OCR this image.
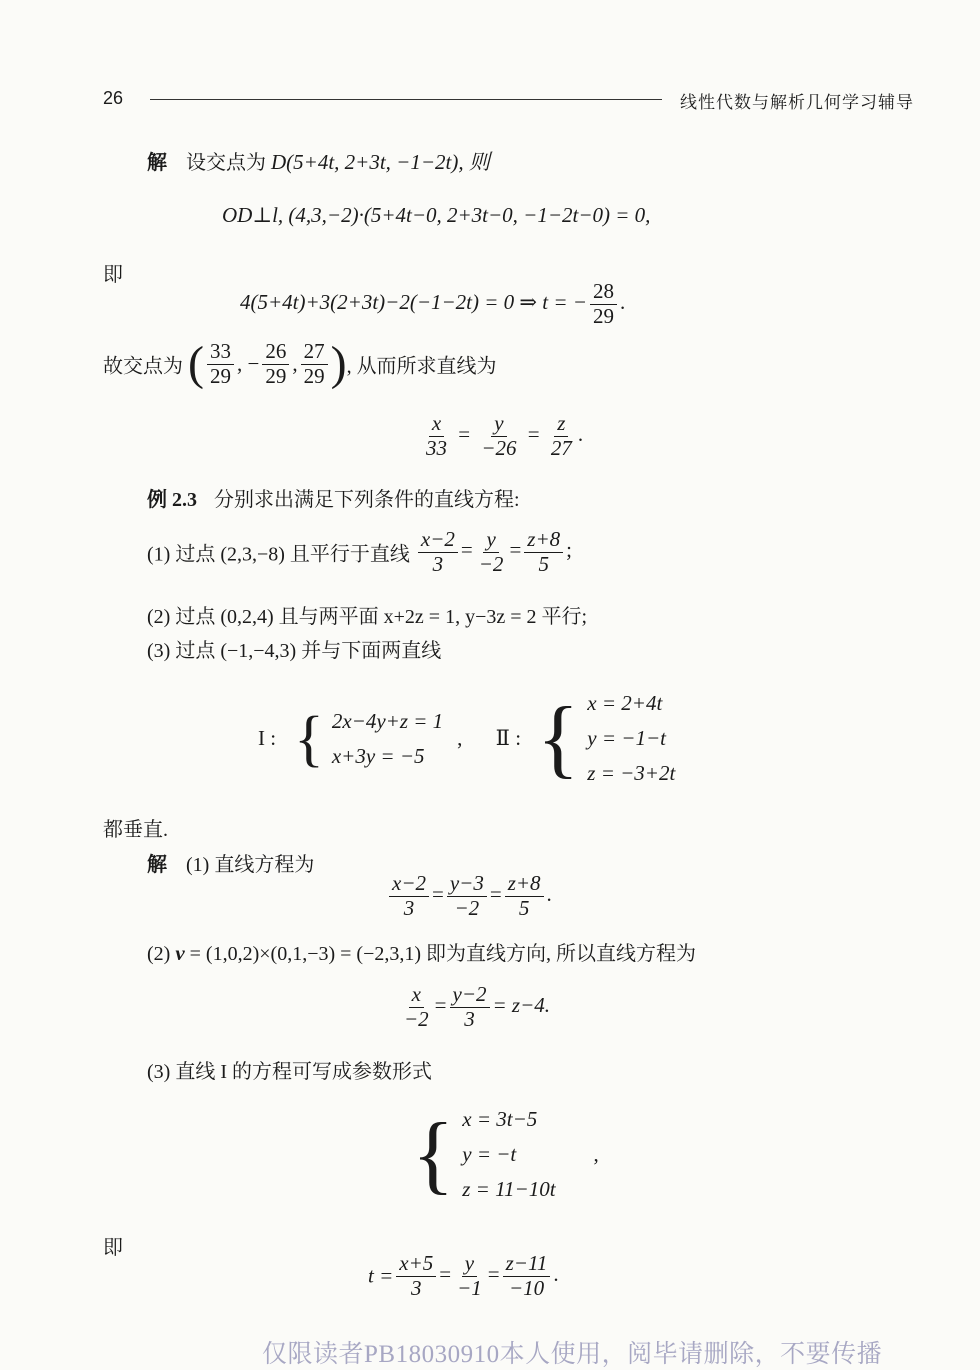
26	线性代数与解析几何学习辅导
解 设交点为 D(5+4t, 2+3t, −1−2t), 则
OD⊥l, (4,3,−2)·(5+4t−0, 2+3t−0, −1−2t−0) = 0,
即
4(5+4t)+3(2+3t)−2(−1−2t) = 0 ⇒ t = − $\frac{28}{29}$ .
故交点为 ( $\frac{33}{29}$ , − $\frac{26}{29}$ , $\frac{27}{29}$ ), 从而所求直线为
$\frac{x}{33} = \frac{y}{-26} = \frac{z}{27}$ .
例 2.3 分别求出满足下列条件的直线方程:
(1) 过点 (2,3,−8) 且平行于直线 $\frac{x-2}{3} = \frac{y}{-2} = \frac{z+8}{5}$ ;
(2) 过点 (0,2,4) 且与两平面 x+2z = 1, y−3z = 2 平行;
(3) 过点 (−1,−4,3) 并与下面两直线
I : { 2x−4y+z = 1
x+3y = −5
,
Ⅱ : { x = 2+4t
y = −1−t
z = −3+2t
都垂直.
解 (1) 直线方程为
$\frac{x-2}{3} = \frac{y-3}{-2} = \frac{z+8}{5}$ .
(2) v = (1,0,2)×(0,1,−3) = (−2,3,1) 即为直线方向, 所以直线方程为
$\frac{x}{-2} = \frac{y-2}{3} = z-4$.
(3) 直线 I 的方程可写成参数形式
{ x = 3t−5
y = −t
z = 11−10t
,
即
$t = \frac{x+5}{3} = \frac{y}{-1} = \frac{z-11}{-10}$ .
仅限读者PB18030910本人使用，阅毕请删除，不要传播
